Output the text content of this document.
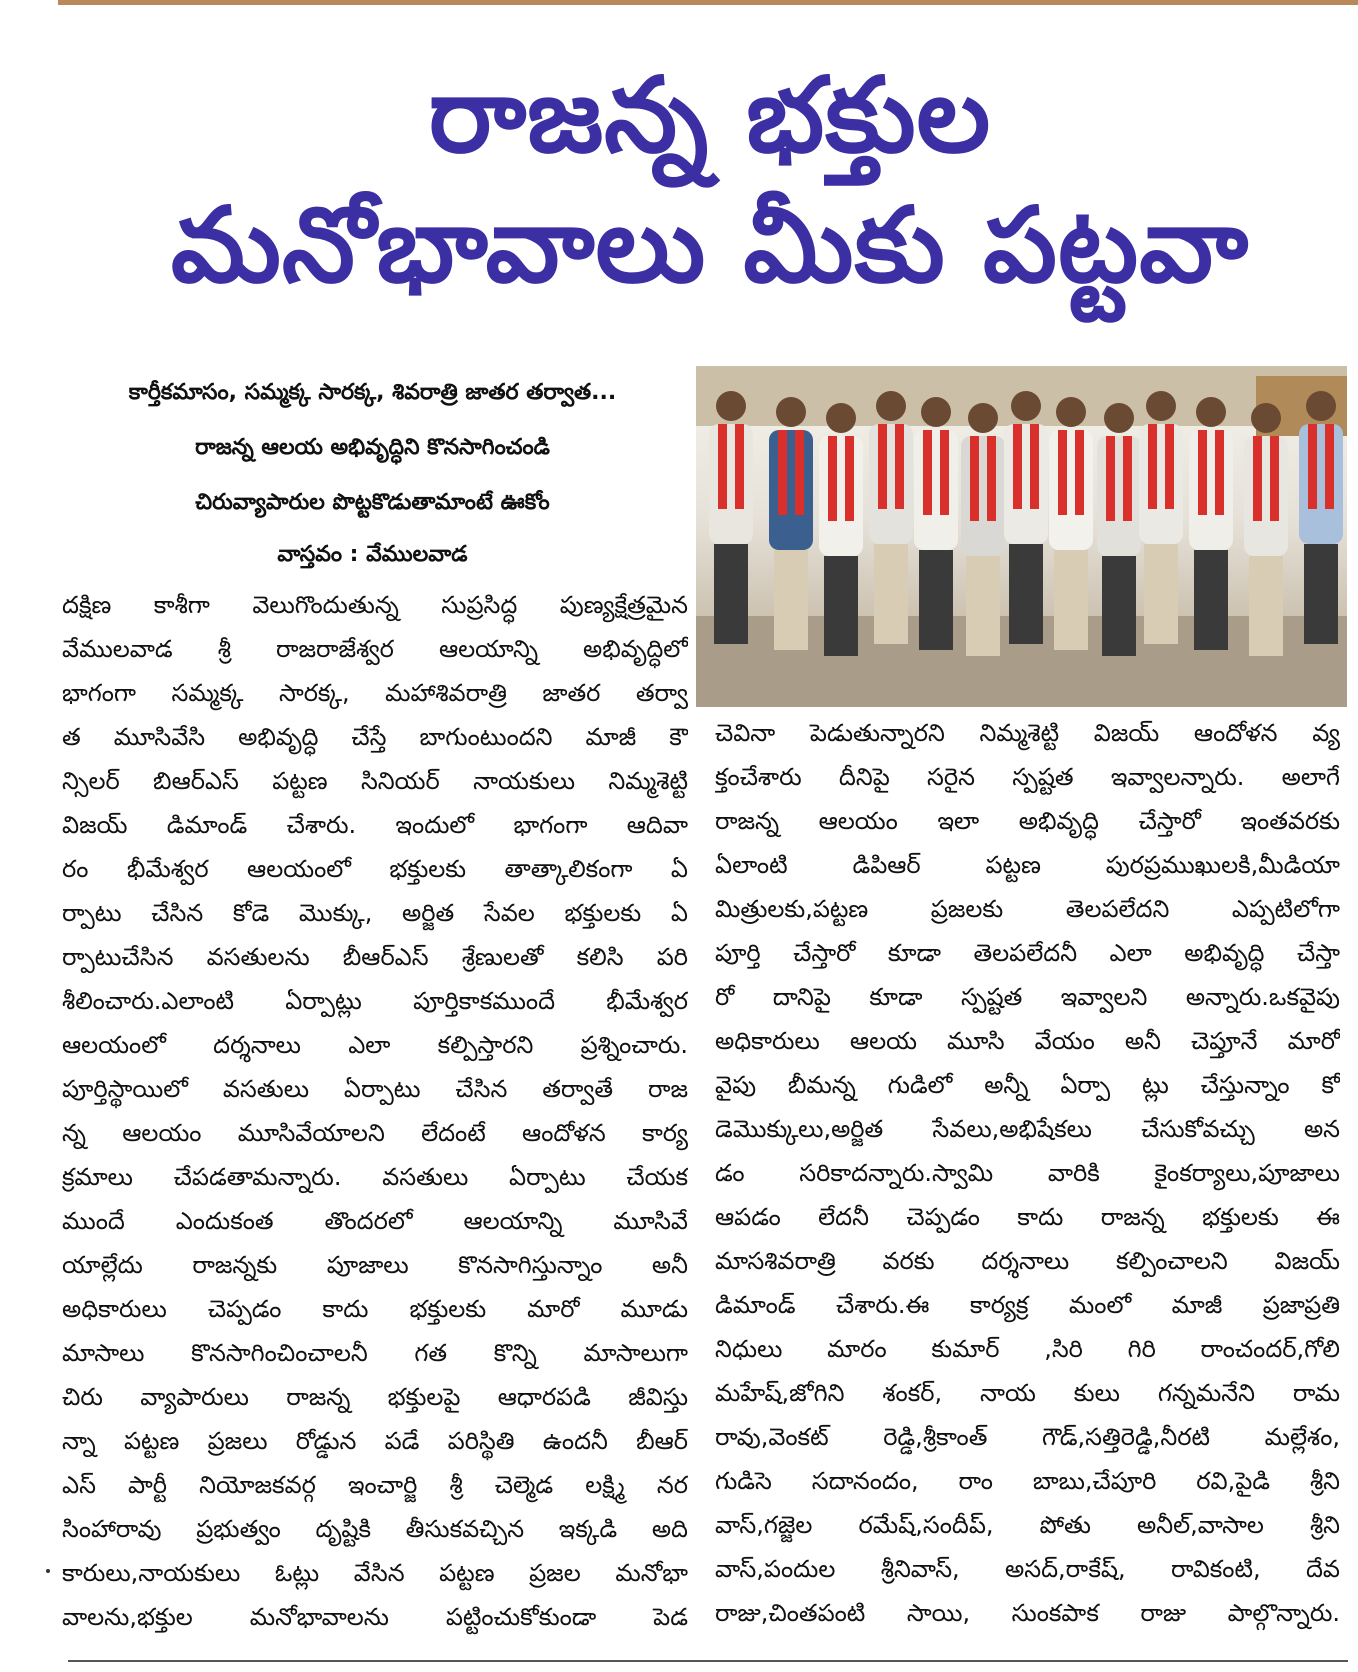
రాజన్న భక్తుల
మనోభావాలు మీకు పట్టవా
కార్తీకమాసం, సమ్మక్క సారక్క, శివరాత్రి జాతర తర్వాత...
రాజన్న ఆలయ అభివృద్ధిని కొనసాగించండి
చిరువ్యాపారుల పొట్టకొడుతామాంటే ఊకోం
వాస్తవం : వేములవాడ
దక్షిణ కాశీగా వెలుగొందుతున్న సుప్రసిద్ధ పుణ్యక్షేత్రమైన
వేములవాడ శ్రీ రాజరాజేశ్వర ఆలయాన్ని అభివృద్ధిలో
భాగంగా సమ్మక్క సారక్క, మహాశివరాత్రి జాతర తర్వా
త మూసివేసి అభివృద్ధి చేస్తే బాగుంటుందని మాజీ కౌ
న్సిలర్ బిఆర్ఎస్ పట్టణ సినియర్ నాయకులు నిమ్మశెట్టి
విజయ్ డిమాండ్ చేశారు. ఇందులో భాగంగా ఆదివా
రం భీమేశ్వర ఆలయంలో భక్తులకు తాత్కాలికంగా ఏ
ర్పాటు చేసిన కోడె మొక్కు, అర్జిత సేవల భక్తులకు ఏ
ర్పాటుచేసిన వసతులను బీఆర్ఎస్ శ్రేణులతో కలిసి పరి
శీలించారు.ఎలాంటి ఏర్పాట్లు పూర్తికాకముందే భీమేశ్వర
ఆలయంలో దర్శనాలు ఎలా కల్పిస్తారని ప్రశ్నించారు.
పూర్తిస్థాయిలో వసతులు ఏర్పాటు చేసిన తర్వాతే రాజ
న్న ఆలయం మూసివేయాలని లేదంటే ఆందోళన కార్య
క్రమాలు చేపడతామన్నారు. వసతులు ఏర్పాటు చేయక
ముందే ఎందుకంత తొందరలో ఆలయాన్ని మూసివే
యాల్లేదు రాజన్నకు పూజాలు కొనసాగిస్తున్నాం అనీ
అధికారులు చెప్పడం కాదు భక్తులకు మారో మూడు
మాసాలు కొనసాగించించాలనీ గత కొన్ని మాసాలుగా
చిరు వ్యాపారులు రాజన్న భక్తులపై ఆధారపడి జీవిస్తు
న్నా పట్టణ ప్రజలు రోడ్డున పడే పరిస్థితి ఉందనీ బీఆర్
ఎస్ పార్టీ నియోజకవర్గ ఇంచార్జి శ్రీ చెల్మెడ లక్ష్మి నర
సింహారావు ప్రభుత్వం దృష్టికి తీసుకవచ్చిన ఇక్కడి అది
కారులు,నాయకులు ఓట్లు వేసిన పట్టణ ప్రజల మనోభా
వాలను,భక్తుల మనోభావాలను పట్టించుకోకుండా పెడ
చెవినా పెడుతున్నారని నిమ్మశెట్టి విజయ్ ఆందోళన వ్య
క్తంచేశారు దీనిపై సరైన స్పష్టత ఇవ్వాలన్నారు. అలాగే
రాజన్న ఆలయం ఇలా అభివృద్ధి చేస్తారో ఇంతవరకు
ఏలాంటి డిపిఆర్ పట్టణ పురప్రముఖులకి,మీడియా
మిత్రులకు,పట్టణ ప్రజలకు తెలపలేదని ఎప్పటిలోగా
పూర్తి చేస్తారో కూడా తెలపలేదనీ ఎలా అభివృద్ధి చేస్తా
రో దానిపై కూడా స్పష్టత ఇవ్వాలని అన్నారు.ఒకవైపు
అధికారులు ఆలయ మూసి వేయం అనీ చెప్తూనే మారో
వైపు బీమన్న గుడిలో అన్నీ ఏర్పా ట్లు చేస్తున్నాం కో
డెమొక్కులు,అర్జిత సేవలు,అభిషేకలు చేసుకోవచ్చు అన
డం సరికాదన్నారు.స్వామి వారికి కైంకర్యాలు,పూజాలు
ఆపడం లేదనీ చెప్పడం కాదు రాజన్న భక్తులకు ఈ
మాసశివరాత్రి వరకు దర్శనాలు కల్పించాలని విజయ్
డిమాండ్ చేశారు.ఈ కార్యక్ర మంలో మాజీ ప్రజాప్రతి
నిధులు మారం కుమార్ ,సిరి గిరి రాంచందర్,గోలి
మహేష్,జోగిని శంకర్, నాయ కులు గన్నమనేని రామ
రావు,వెంకట్ రెడ్డి,శ్రీకాంత్ గౌడ్,సత్తిరెడ్డి,నీరటి మల్లేశం,
గుడిసె సదానందం, రాం బాబు,చేపూరి రవి,పైడి శ్రీని
వాస్,గజ్జెల రమేష్,సందీప్, పోతు అనీల్,వాసాల శ్రీని
వాస్,పందుల శ్రీనివాస్, అసద్,రాకేష్, రావికంటి, దేవ
రాజు,చింతపంటి సాయి, సుంకపాక రాజు పాల్గొన్నారు.
